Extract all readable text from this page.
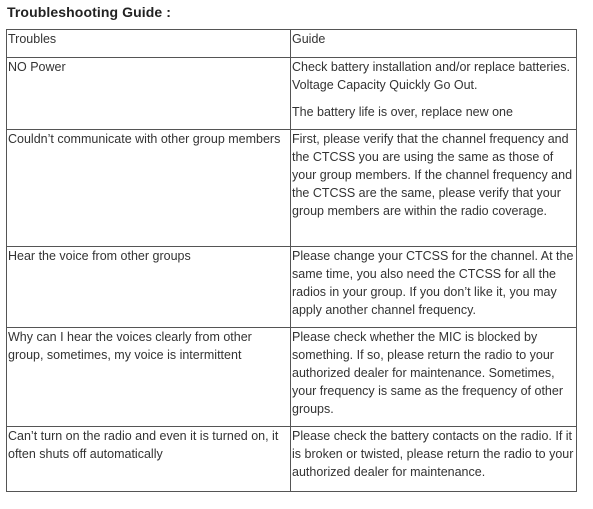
Troubleshooting Guide :
Troubles	Guide
NO Power	Check battery installation and/or replace batteries. Voltage Capacity Quickly Go Out.

The battery life is over, replace new one

Couldn’t communicate with other group members	First, please verify that the channel frequency and the CTCSS you are using the same as those of your group members. If the channel frequency and the CTCSS are the same, please verify that your group members are within the radio coverage.

Hear the voice from other groups	Please change your CTCSS for the channel. At the same time, you also need the CTCSS for all the radios in your group. If you don’t like it, you may apply another channel frequency.

Why can I hear the voices clearly from other group, sometimes, my voice is intermittent	Please check whether the MIC is blocked by something. If so, please return the radio to your authorized dealer for maintenance. Sometimes, your frequency is same as the frequency of other groups.

Can’t turn on the radio and even it is turned on, it often shuts off automatically	Please check the battery contacts on the radio. If it is broken or twisted, please return the radio to your authorized dealer for maintenance.
